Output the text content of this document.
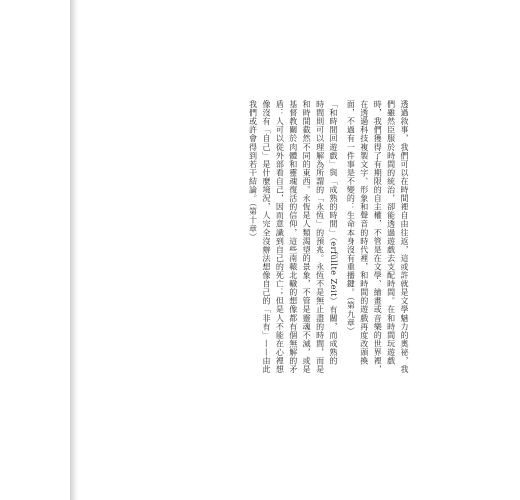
透過敘事，我們可以在時間裡自由往返，這或許就是文學魅力的奧祕，我
們雖然臣服於時間的統治，卻能透過遊戲去支配時間。在和時間玩遊戲
時，我們獲得了有期限的自主權，不管是在文學、繪畫或音樂的世界裡，
在透過科技複製文字、形象和聲音的時代裡，和時間的遊戲再度改頭換
面，不過有一件事是不變的：生命本身沒有重播鍵。（第九章）

「和時間回遊戲」與「成熟的時間」（erfüllte Zeit）有關，而成熟的
時間則可以理解為所謂的「永恆」的預兆。永恆不是無止盡的時間，而是
和時間截然不同的東西。永恆是人類渴望的景象，不管是靈魂不滅，或是
基督教關於肉體和靈魂復活的信仰，這些南轅北轍的想像都有個無解的矛
盾：人可以從外部看自己，因而意識到自己的死亡；但是人不能在心裡想
像沒有「自己」是什麼境況，人完全沒辦法想像自己的「非有」——由此
我們或許會得到若干結論。（第十章）
